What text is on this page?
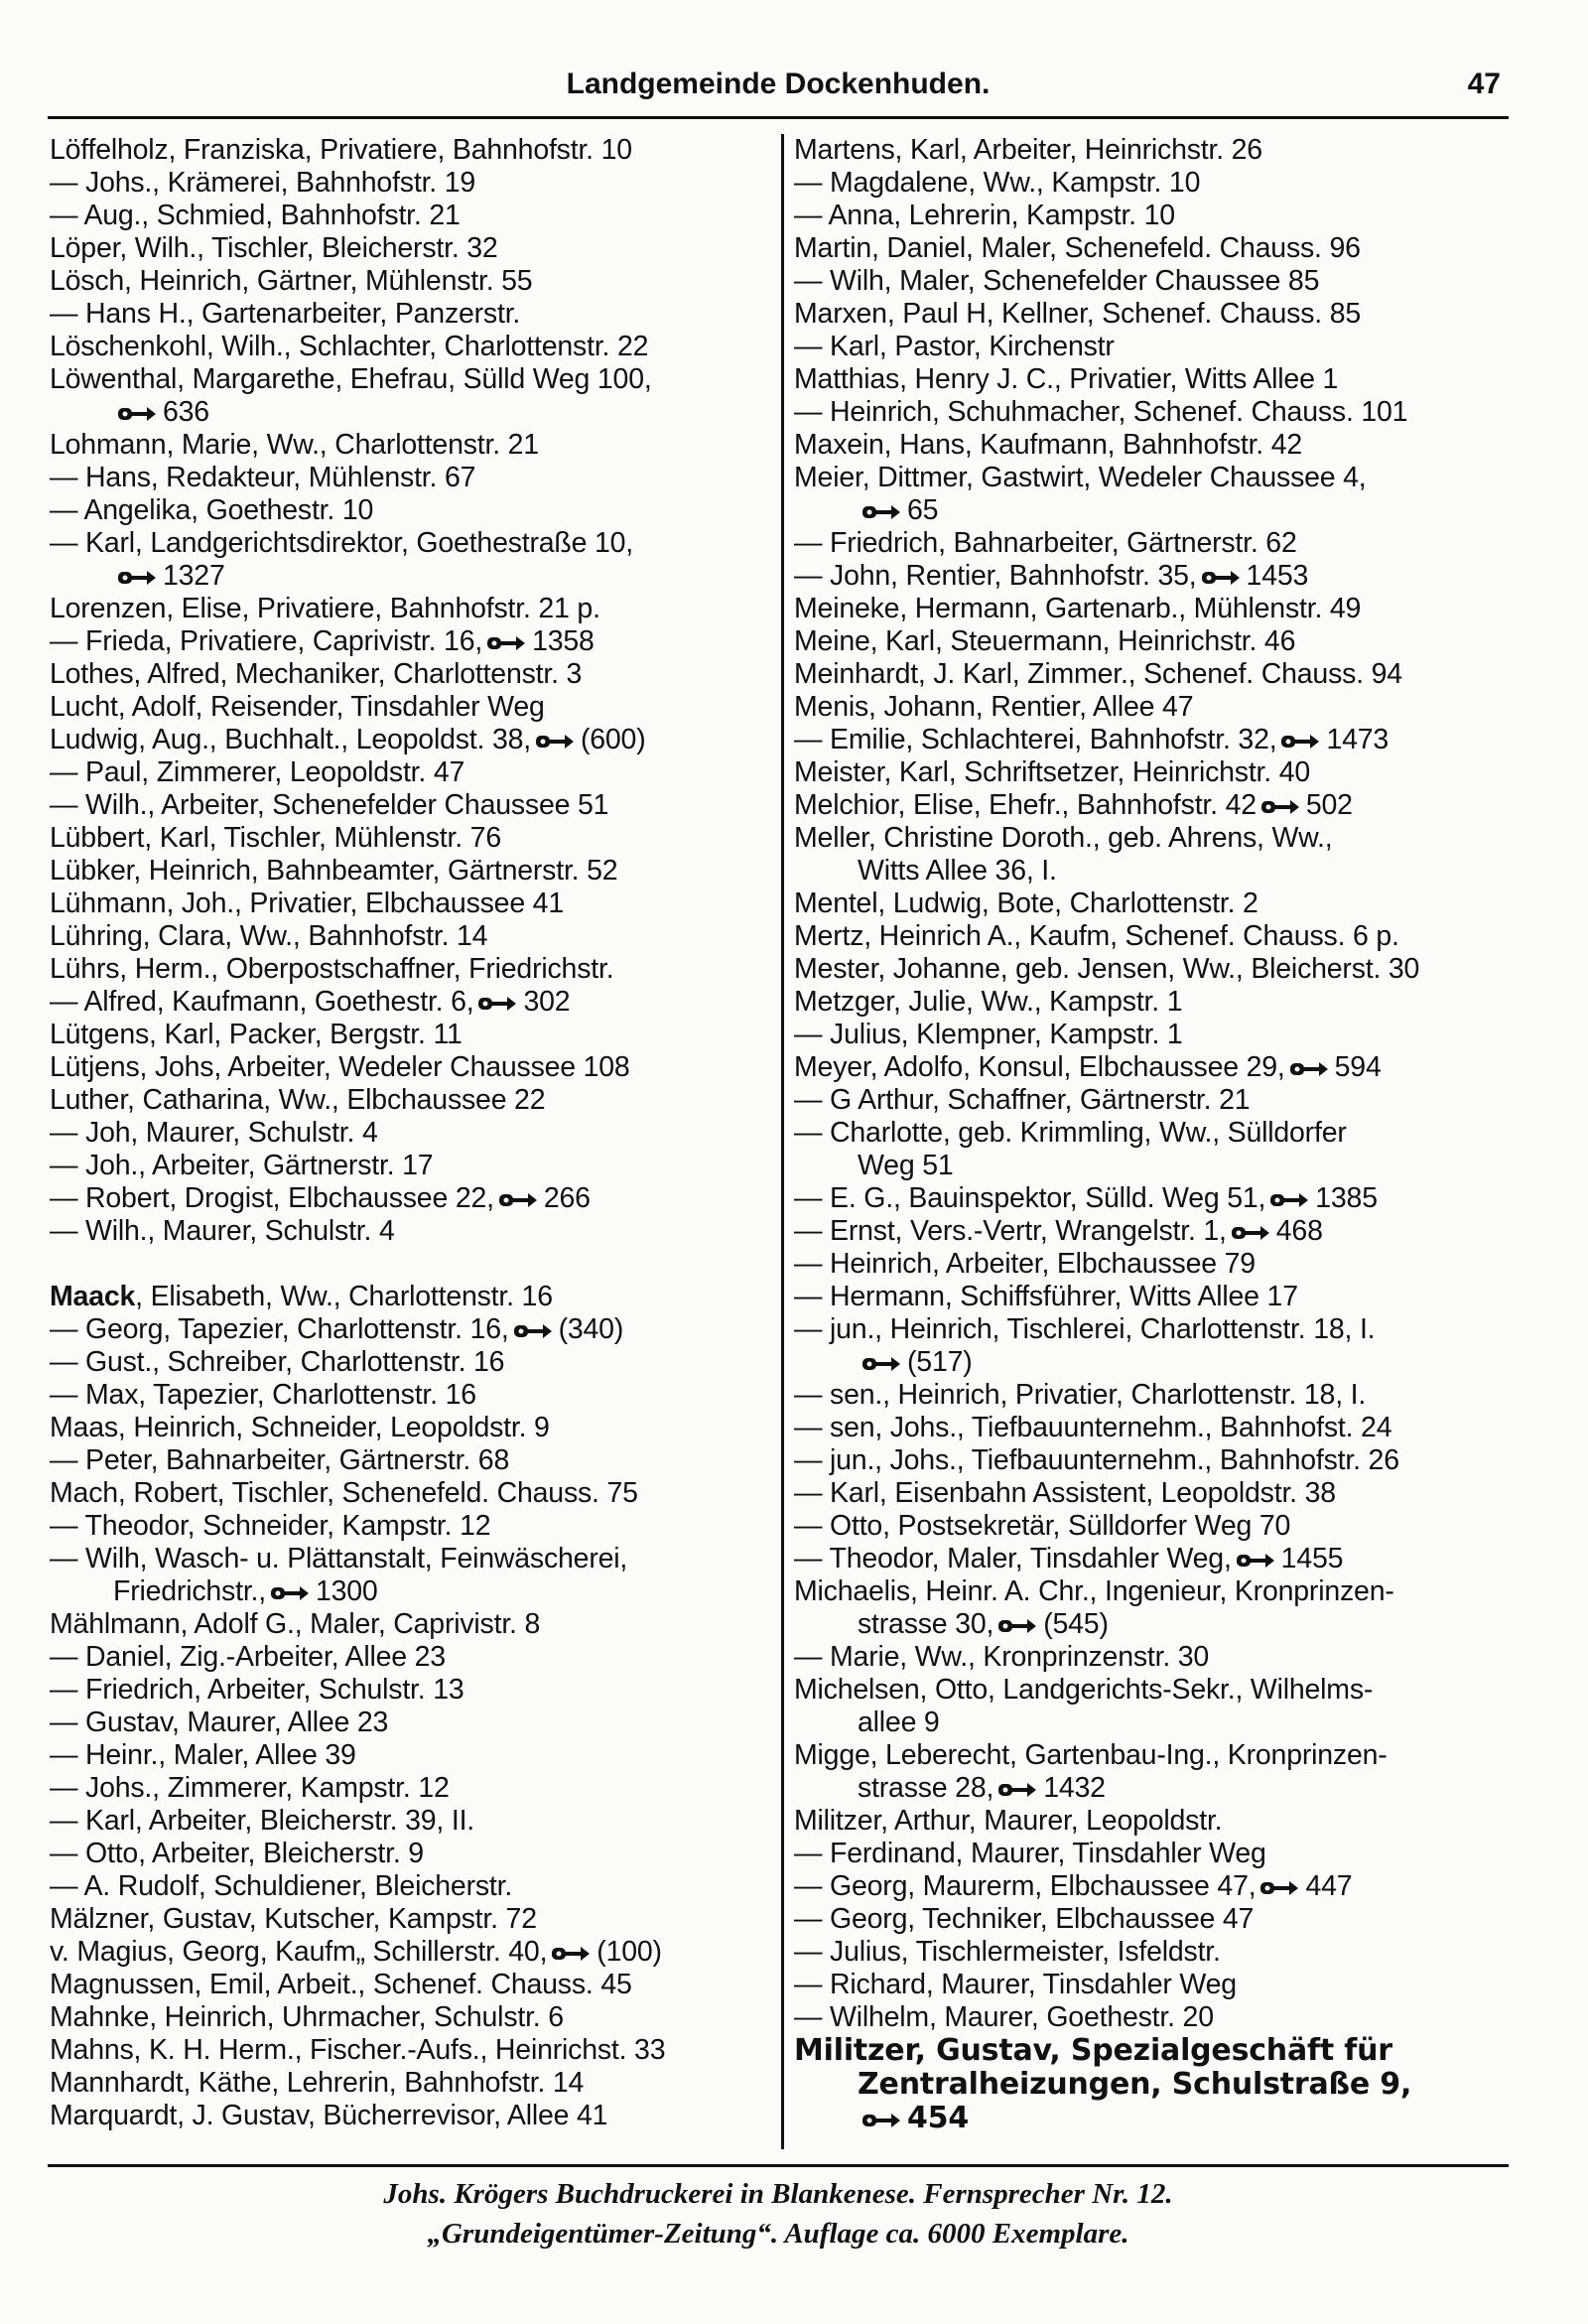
Landgemeinde Dockenhuden.	47
Löffelholz, Franziska, Privatiere, Bahnhofstr. 10
— Johs., Krämerei, Bahnhofstr. 19
— Aug., Schmied, Bahnhofstr. 21
Löper, Wilh., Tischler, Bleicherstr. 32
Lösch, Heinrich, Gärtner, Mühlenstr. 55
— Hans H., Gartenarbeiter, Panzerstr.
Löschenkohl, Wilh., Schlachter, Charlottenstr. 22
Löwenthal, Margarethe, Ehefrau, Sülld Weg 100,
636
Lohmann, Marie, Ww., Charlottenstr. 21
— Hans, Redakteur, Mühlenstr. 67
— Angelika, Goethestr. 10
— Karl, Landgerichtsdirektor, Goethestraße 10,
1327
Lorenzen, Elise, Privatiere, Bahnhofstr. 21 p.
— Frieda, Privatiere, Caprivistr. 16, 1358
Lothes, Alfred, Mechaniker, Charlottenstr. 3
Lucht, Adolf, Reisender, Tinsdahler Weg
Ludwig, Aug., Buchhalt., Leopoldst. 38, (600)
— Paul, Zimmerer, Leopoldstr. 47
— Wilh., Arbeiter, Schenefelder Chaussee 51
Lübbert, Karl, Tischler, Mühlenstr. 76
Lübker, Heinrich, Bahnbeamter, Gärtnerstr. 52
Lühmann, Joh., Privatier, Elbchaussee 41
Lühring, Clara, Ww., Bahnhofstr. 14
Lührs, Herm., Oberpostschaffner, Friedrichstr.
— Alfred, Kaufmann, Goethestr. 6, 302
Lütgens, Karl, Packer, Bergstr. 11
Lütjens, Johs, Arbeiter, Wedeler Chaussee 108
Luther, Catharina, Ww., Elbchaussee 22
— Joh, Maurer, Schulstr. 4
— Joh., Arbeiter, Gärtnerstr. 17
— Robert, Drogist, Elbchaussee 22, 266
— Wilh., Maurer, Schulstr. 4
Maack, Elisabeth, Ww., Charlottenstr. 16
— Georg, Tapezier, Charlottenstr. 16, (340)
— Gust., Schreiber, Charlottenstr. 16
— Max, Tapezier, Charlottenstr. 16
Maas, Heinrich, Schneider, Leopoldstr. 9
— Peter, Bahnarbeiter, Gärtnerstr. 68
Mach, Robert, Tischler, Schenefeld. Chauss. 75
— Theodor, Schneider, Kampstr. 12
— Wilh, Wasch- u. Plättanstalt, Feinwäscherei,
Friedrichstr., 1300
Mählmann, Adolf G., Maler, Caprivistr. 8
— Daniel, Zig.-Arbeiter, Allee 23
— Friedrich, Arbeiter, Schulstr. 13
— Gustav, Maurer, Allee 23
— Heinr., Maler, Allee 39
— Johs., Zimmerer, Kampstr. 12
— Karl, Arbeiter, Bleicherstr. 39, II.
— Otto, Arbeiter, Bleicherstr. 9
— A. Rudolf, Schuldiener, Bleicherstr.
Mälzner, Gustav, Kutscher, Kampstr. 72
v. Magius, Georg, Kaufm„ Schillerstr. 40, (100)
Magnussen, Emil, Arbeit., Schenef. Chauss. 45
Mahnke, Heinrich, Uhrmacher, Schulstr. 6
Mahns, K. H. Herm., Fischer.-Aufs., Heinrichst. 33
Mannhardt, Käthe, Lehrerin, Bahnhofstr. 14
Marquardt, J. Gustav, Bücherrevisor, Allee 41
Martens, Karl, Arbeiter, Heinrichstr. 26
— Magdalene, Ww., Kampstr. 10
— Anna, Lehrerin, Kampstr. 10
Martin, Daniel, Maler, Schenefeld. Chauss. 96
— Wilh, Maler, Schenefelder Chaussee 85
Marxen, Paul H, Kellner, Schenef. Chauss. 85
— Karl, Pastor, Kirchenstr
Matthias, Henry J. C., Privatier, Witts Allee 1
— Heinrich, Schuhmacher, Schenef. Chauss. 101
Maxein, Hans, Kaufmann, Bahnhofstr. 42
Meier, Dittmer, Gastwirt, Wedeler Chaussee 4,
65
— Friedrich, Bahnarbeiter, Gärtnerstr. 62
— John, Rentier, Bahnhofstr. 35, 1453
Meineke, Hermann, Gartenarb., Mühlenstr. 49
Meine, Karl, Steuermann, Heinrichstr. 46
Meinhardt, J. Karl, Zimmer., Schenef. Chauss. 94
Menis, Johann, Rentier, Allee 47
— Emilie, Schlachterei, Bahnhofstr. 32, 1473
Meister, Karl, Schriftsetzer, Heinrichstr. 40
Melchior, Elise, Ehefr., Bahnhofstr. 42 502
Meller, Christine Doroth., geb. Ahrens, Ww.,
Witts Allee 36, I.
Mentel, Ludwig, Bote, Charlottenstr. 2
Mertz, Heinrich A., Kaufm, Schenef. Chauss. 6 p.
Mester, Johanne, geb. Jensen, Ww., Bleicherst. 30
Metzger, Julie, Ww., Kampstr. 1
— Julius, Klempner, Kampstr. 1
Meyer, Adolfo, Konsul, Elbchaussee 29, 594
— G Arthur, Schaffner, Gärtnerstr. 21
— Charlotte, geb. Krimmling, Ww., Sülldorfer
Weg 51
— E. G., Bauinspektor, Sülld. Weg 51, 1385
— Ernst, Vers.-Vertr, Wrangelstr. 1, 468
— Heinrich, Arbeiter, Elbchaussee 79
— Hermann, Schiffsführer, Witts Allee 17
— jun., Heinrich, Tischlerei, Charlottenstr. 18, I.
(517)
— sen., Heinrich, Privatier, Charlottenstr. 18, I.
— sen, Johs., Tiefbauunternehm., Bahnhofst. 24
— jun., Johs., Tiefbauunternehm., Bahnhofstr. 26
— Karl, Eisenbahn Assistent, Leopoldstr. 38
— Otto, Postsekretär, Sülldorfer Weg 70
— Theodor, Maler, Tinsdahler Weg, 1455
Michaelis, Heinr. A. Chr., Ingenieur, Kronprinzen-
strasse 30, (545)
— Marie, Ww., Kronprinzenstr. 30
Michelsen, Otto, Landgerichts-Sekr., Wilhelms-
allee 9
Migge, Leberecht, Gartenbau-Ing., Kronprinzen-
strasse 28, 1432
Militzer, Arthur, Maurer, Leopoldstr.
— Ferdinand, Maurer, Tinsdahler Weg
— Georg, Maurerm, Elbchaussee 47, 447
— Georg, Techniker, Elbchaussee 47
— Julius, Tischlermeister, Isfeldstr.
— Richard, Maurer, Tinsdahler Weg
— Wilhelm, Maurer, Goethestr. 20
Militzer, Gustav, Spezialgeschäft für
Zentralheizungen, Schulstraße 9,
454
Johs. Krögers Buchdruckerei in Blankenese. Fernsprecher Nr. 12.
„Grundeigentümer-Zeitung“. Auflage ca. 6000 Exemplare.
